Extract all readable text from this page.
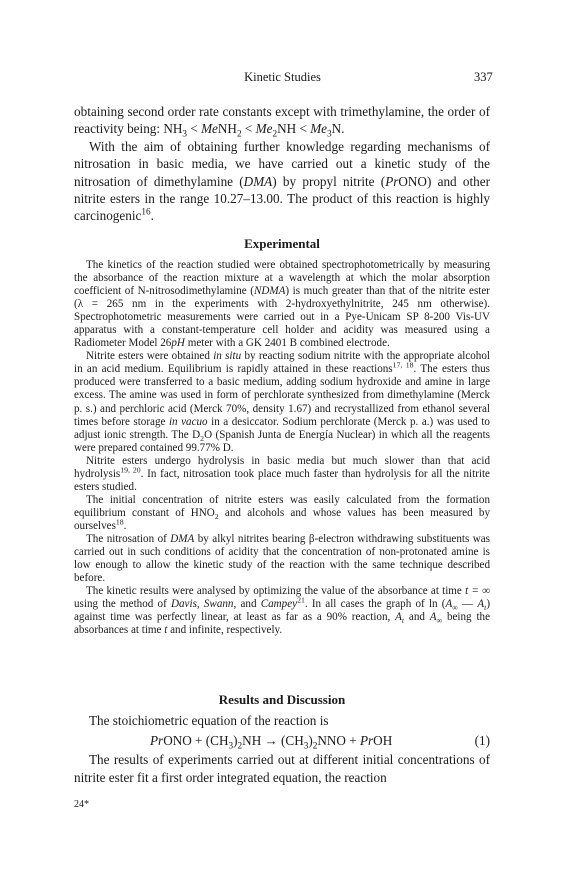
Kinetic Studies	337

obtaining second order rate constants except with trimethylamine, the order of reactivity being: $NH_3$ < MeNH$_2$ < $Me_2NH < Me_3N$.

With the aim of obtaining further knowledge regarding mechanisms of nitrosation in basic media, we have carried out a kinetic study of the nitrosation of dimethylamine (DMA) by propyl nitrite (PrONO) and other nitrite esters in the range 10.27–13.00. The product of this reaction is highly carcinogenic$^{16}$.

Experimental

The kinetics of the reaction studied were obtained spectrophotometrically by measuring the absorbance of the reaction mixture at a wavelength at which the molar absorption coefficient of N-nitrosodimethylamine (NDMA) is much greater than that of the nitrite ester (λ = 265 nm in the experiments with 2-hydroxyethylnitrite, 245 nm otherwise). Spectrophotometric measurements were carried out in a Pye-Unicam SP 8-200 Vis-UV apparatus with a constant-temperature cell holder and acidity was measured using a Radiometer Model 26pH meter with a GK 2401 B combined electrode.

Nitrite esters were obtained in situ by reacting sodium nitrite with the appropriate alcohol in an acid medium. Equilibrium is rapidly attained in these reactions$^{17, 18}$. The esters thus produced were transferred to a basic medium, adding sodium hydroxide and amine in large excess. The amine was used in form of perchlorate synthesized from dimethylamine (Merck p. s.) and perchloric acid (Merck 70%, density 1.67) and recrystallized from ethanol several times before storage in vacuo in a desiccator. Sodium perchlorate (Merck p. a.) was used to adjust ionic strength. The $D_2O$ (Spanish Junta de Energía Nuclear) in which all the reagents were prepared contained 99.77% D.

Nitrite esters undergo hydrolysis in basic media but much slower than that acid hydrolysis$^{19, 20}$. In fact, nitrosation took place much faster than hydrolysis for all the nitrite esters studied.

The initial concentration of nitrite esters was easily calculated from the formation equilibrium constant of $HNO_2$ and alcohols and whose values has been measured by ourselves$^{18}$.

The nitrosation of DMA by alkyl nitrites bearing β-electron withdrawing substituents was carried out in such conditions of acidity that the concentration of non-protonated amine is low enough to allow the kinetic study of the reaction with the same technique described before.

The kinetic results were analysed by optimizing the value of the absorbance at time t = ∞ using the method of Davis, Swann, and Campey$^{21}$. In all cases the graph of $\ln (A_\infty$ — $A_t$) against time was perfectly linear, at least as far as a 90% reaction, $A_t$ and $A_\infty$ being the absorbances at time t and infinite, respectively.

Results and Discussion

The stoichiometric equation of the reaction is

PrONO + $(CH_3)_2NH \to (CH_3)_2NNO$ + PrOH	(1)

The results of experiments carried out at different initial concentrations of nitrite ester fit a first order integrated equation, the reaction

24*
